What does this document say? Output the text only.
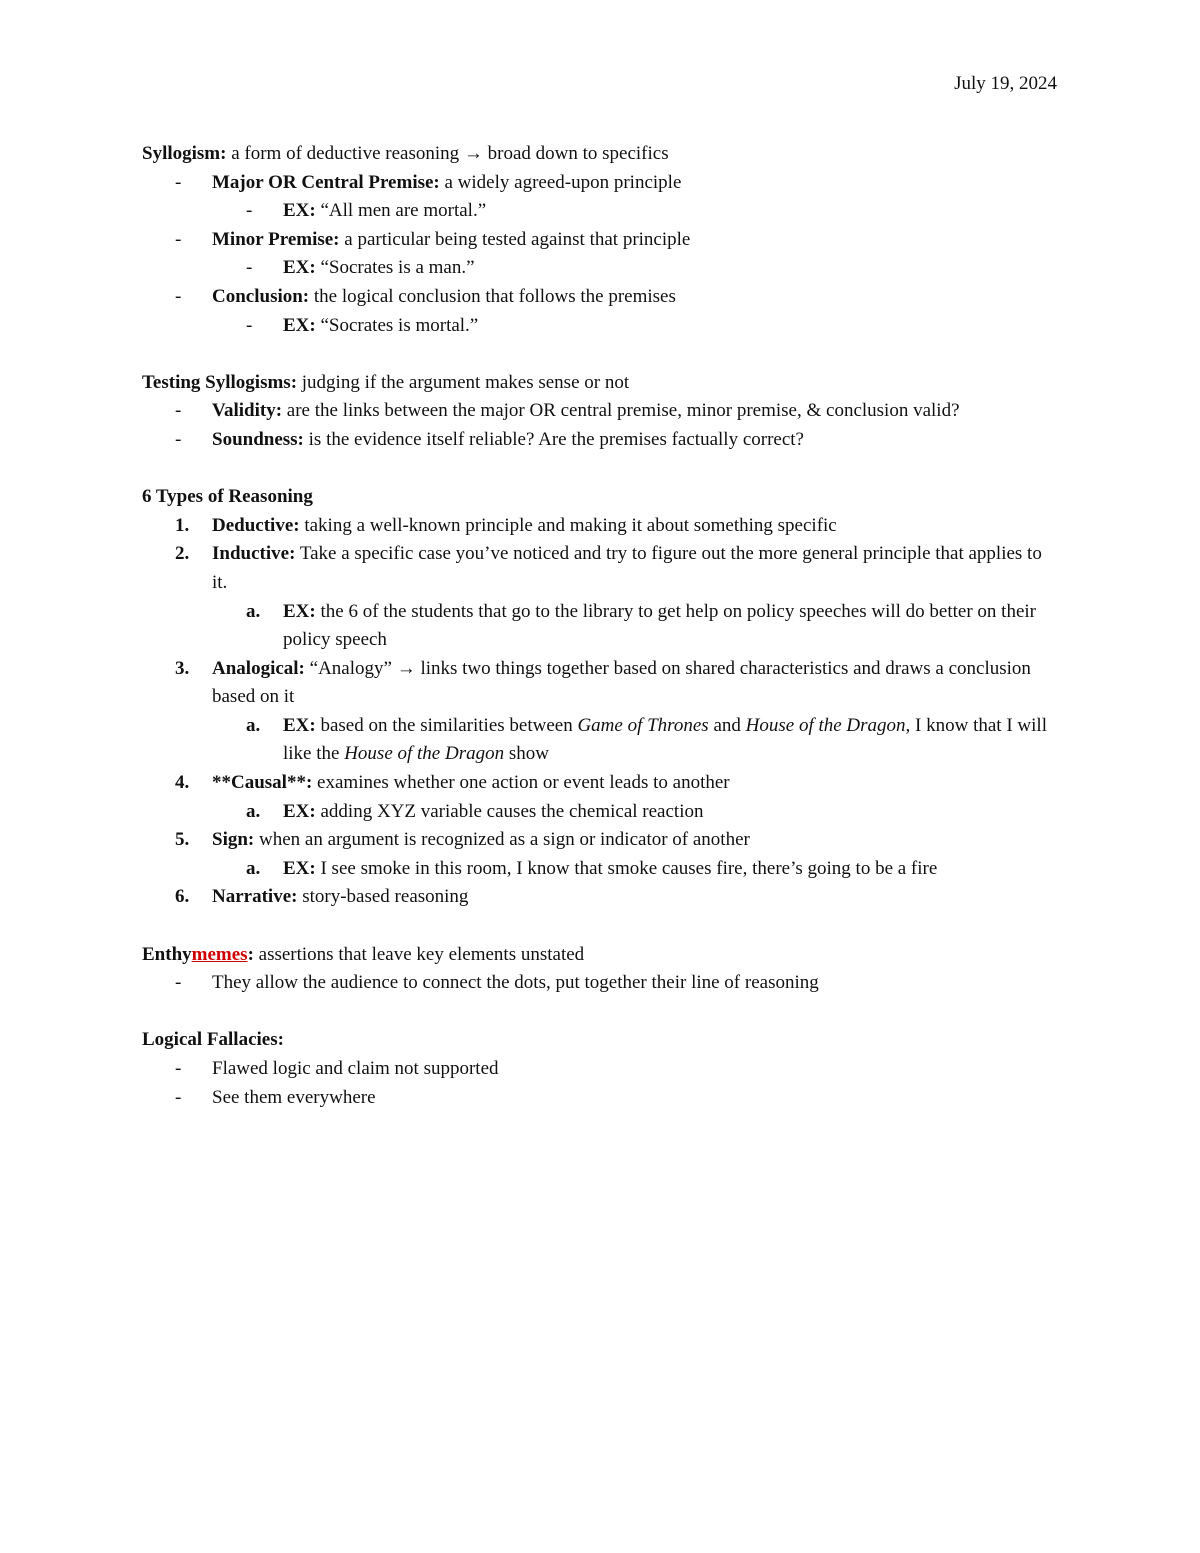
July 19, 2024
Syllogism: a form of deductive reasoning → broad down to specifics
- Major OR Central Premise: a widely agreed-upon principle
- EX: “All men are mortal.”
- Minor Premise: a particular being tested against that principle
- EX: “Socrates is a man.”
- Conclusion: the logical conclusion that follows the premises
- EX: “Socrates is mortal.”
Testing Syllogisms: judging if the argument makes sense or not
- Validity: are the links between the major OR central premise, minor premise, & conclusion valid?
- Soundness: is the evidence itself reliable? Are the premises factually correct?
6 Types of Reasoning
1. Deductive: taking a well-known principle and making it about something specific
2. Inductive: Take a specific case you’ve noticed and try to figure out the more general principle that applies to it.
a. EX: the 6 of the students that go to the library to get help on policy speeches will do better on their policy speech
3. Analogical: “Analogy” → links two things together based on shared characteristics and draws a conclusion based on it
a. EX: based on the similarities between Game of Thrones and House of the Dragon, I know that I will like the House of the Dragon show
4. **Causal**: examines whether one action or event leads to another
a. EX: adding XYZ variable causes the chemical reaction
5. Sign: when an argument is recognized as a sign or indicator of another
a. EX: I see smoke in this room, I know that smoke causes fire, there’s going to be a fire
6. Narrative: story-based reasoning
Enthymemes: assertions that leave key elements unstated
- They allow the audience to connect the dots, put together their line of reasoning
Logical Fallacies:
- Flawed logic and claim not supported
- See them everywhere
